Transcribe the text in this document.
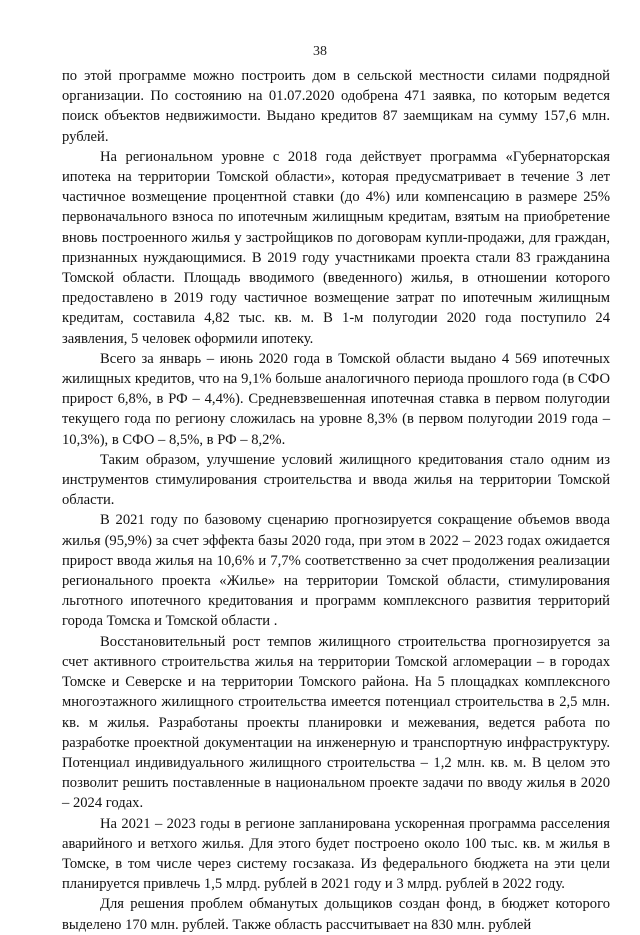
38

по этой программе можно построить дом в сельской местности силами подрядной организации. По состоянию на 01.07.2020 одобрена 471 заявка, по которым ведется поиск объектов недвижимости. Выдано кредитов 87 заемщикам на сумму 157,6 млн. рублей.

На региональном уровне с 2018 года действует программа «Губернаторская ипотека на территории Томской области», которая предусматривает в течение 3 лет частичное возмещение процентной ставки (до 4%) или компенсацию в размере 25% первоначального взноса по ипотечным жилищным кредитам, взятым на приобретение вновь построенного жилья у застройщиков по договорам купли-продажи, для граждан, признанных нуждающимися. В 2019 году участниками проекта стали 83 гражданина Томской области. Площадь вводимого (введенного) жилья, в отношении которого предоставлено в 2019 году частичное возмещение затрат по ипотечным жилищным кредитам, составила 4,82 тыс. кв. м. В 1-м полугодии 2020 года поступило 24 заявления, 5 человек оформили ипотеку.

Всего за январь – июнь 2020 года в Томской области выдано 4 569 ипотечных жилищных кредитов, что на 9,1% больше аналогичного периода прошлого года (в СФО прирост 6,8%, в РФ – 4,4%). Средневзвешенная ипотечная ставка в первом полугодии текущего года по региону сложилась на уровне 8,3% (в первом полугодии 2019 года – 10,3%), в СФО – 8,5%, в РФ – 8,2%.

Таким образом, улучшение условий жилищного кредитования стало одним из инструментов стимулирования строительства и ввода жилья на территории Томской области.

В 2021 году по базовому сценарию прогнозируется сокращение объемов ввода жилья (95,9%) за счет эффекта базы 2020 года, при этом в 2022 – 2023 годах ожидается прирост ввода жилья на 10,6% и 7,7% соответственно за счет продолжения реализации регионального проекта «Жилье» на территории Томской области, стимулирования льготного ипотечного кредитования и программ комплексного развития территорий города Томска и Томской области .

Восстановительный рост темпов жилищного строительства прогнозируется за счет активного строительства жилья на территории Томской агломерации – в городах Томске и Северске и на территории Томского района. На 5 площадках комплексного многоэтажного жилищного строительства имеется потенциал строительства в 2,5 млн. кв. м жилья. Разработаны проекты планировки и межевания, ведется работа по разработке проектной документации на инженерную и транспортную инфраструктуру. Потенциал индивидуального жилищного строительства – 1,2 млн. кв. м. В целом это позволит решить поставленные в национальном проекте задачи по вводу жилья в 2020 – 2024 годах.

На 2021 – 2023 годы в регионе запланирована ускоренная программа расселения аварийного и ветхого жилья. Для этого будет построено около 100 тыс. кв. м жилья в Томске, в том числе через систему госзаказа. Из федерального бюджета на эти цели планируется привлечь 1,5 млрд. рублей в 2021 году и 3 млрд. рублей в 2022 году.

Для решения проблем обманутых дольщиков создан фонд, в бюджет которого выделено 170 млн. рублей. Также область рассчитывает на 830 млн. рублей
